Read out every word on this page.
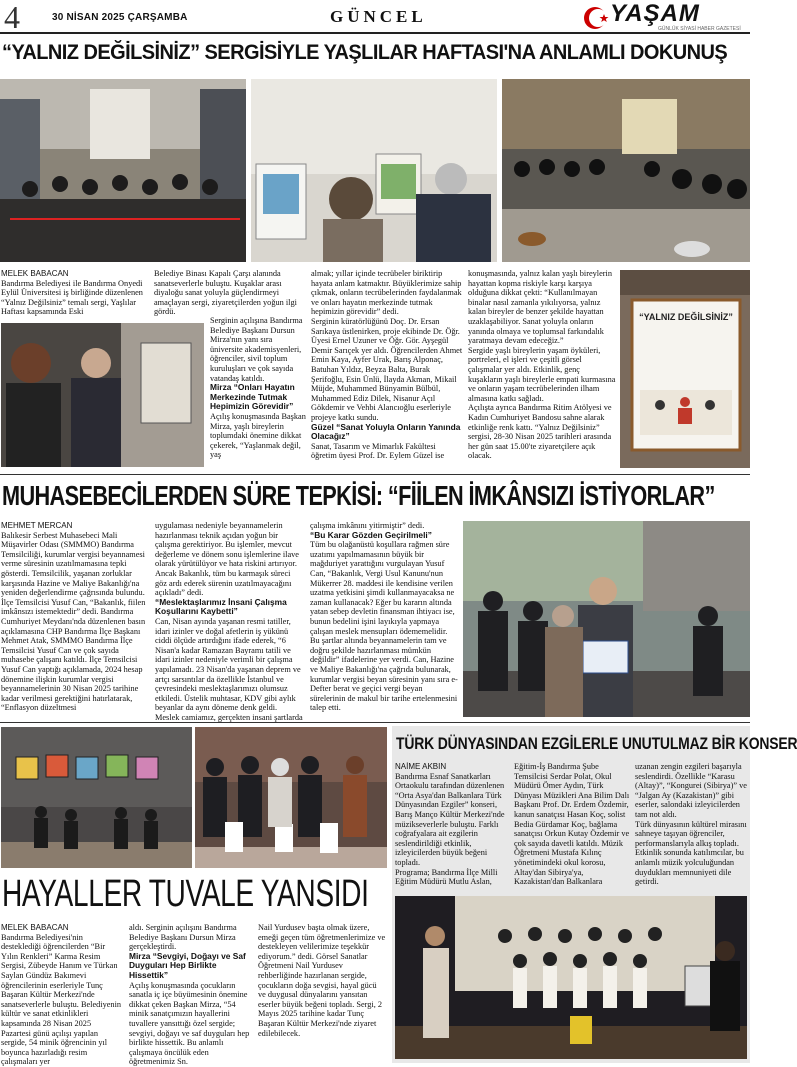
4	30 NİSAN 2025 ÇARŞAMBA	GÜNCEL	YAŞAM
GÜNLÜK SİYASİ HABER GAZETESİ
“YALNIZ DEĞİLSİNİZ” SERGİSİYLE YAŞLILAR HAFTASI'NA ANLAMLI DOKUNUŞ

MELEK BABACAN

Bandırma Belediyesi ile Bandırma Onyedi Eylül Üniversitesi iş birliğinde düzenlenen “Yalnız Değilsiniz” temalı sergi, Yaşlılar Haftası kapsamında Eski

Belediye Binası Kapalı Çarşı alanında sanatseverlerle buluştu. Kuşaklar arası diyaloğu sanat yoluyla güçlendirmeyi amaçlayan sergi, ziyaretçilerden yoğun ilgi gördü.

Serginin açılışına Bandırma Belediye Başkanı Dursun Mirza'nın yanı sıra üniversite akademisyenleri, öğrenciler, sivil toplum kuruluşları ve çok sayıda vatandaş katıldı.

Mirza “Onları Hayatın Merkezinde Tutmak Hepimizin Görevidir”

Açılış konuşmasında Başkan Mirza, yaşlı bireylerin toplumdaki önemine dikkat çekerek, “Yaşlanmak değil, yaş

almak; yıllar içinde tecrübeler biriktirip hayata anlam katmaktır. Büyüklerimize sahip çıkmak, onların tecrübelerinden faydalanmak ve onları hayatın merkezinde tutmak hepimizin görevidir” dedi.

Serginin küratörlüğünü Doç. Dr. Ersan Sarıkaya üstlenirken, proje ekibinde Dr. Öğr. Üyesi Ernel Uzuner ve Öğr. Gör. Ayşegül Demir Sarıçek yer aldı. Öğrencilerden Ahmet Emin Kaya, Ayfer Urak, Barış Alponaç, Batuhan Yıldız, Beyza Balta, Burak Şerifoğlu, Esin Ünlü, İlayda Akman, Mikail Müjde, Muhammed Bünyamin Bülbül, Muhammed Ediz Dilek, Nisanur Açıl Gökdemir ve Vehbi Alancıoğlu eserleriyle projeye katkı sundu.

Güzel “Sanat Yoluyla Onların Yanında Olacağız”

Sanat, Tasarım ve Mimarlık Fakültesi öğretim üyesi Prof. Dr. Eylem Güzel ise

konuşmasında, yalnız kalan yaşlı bireylerin hayattan kopma riskiyle karşı karşıya olduğuna dikkat çekti: “Kullanılmayan binalar nasıl zamanla yıkılıyorsa, yalnız kalan bireyler de benzer şekilde hayattan uzaklaşabiliyor. Sanat yoluyla onların yanında olmaya ve toplumsal farkındalık yaratmaya devam edeceğiz.”

Sergide yaşlı bireylerin yaşam öyküleri, portreleri, el işleri ve çeşitli görsel çalışmalar yer aldı. Etkinlik, genç kuşakların yaşlı bireylerle empati kurmasına ve onların yaşam tecrübelerinden ilham almasına katkı sağladı.

Açılışta ayrıca Bandırma Ritim Atölyesi ve Kadın Cumhuriyet Bandosu sahne alarak etkinliğe renk kattı. “Yalnız Değilsiniz” sergisi, 28-30 Nisan 2025 tarihleri arasında her gün saat 15.00'te ziyaretçilere açık olacak.

“YALNIZ DEĞİLSİNİZ”
MUHASEBECİLERDEN SÜRE TEPKİSİ: “FİİLEN İMKÂNSIZI İSTİYORLAR”

MEHMET MERCAN

Balıkesir Serbest Muhasebeci Mali Müşavirler Odası (SMMMO) Bandırma Temsilciliği, kurumlar vergisi beyannamesi verme süresinin uzatılmamasına tepki gösterdi. Temsilcilik, yaşanan zorluklar karşısında Hazine ve Maliye Bakanlığı'na yeniden değerlendirme çağrısında bulundu. İlçe Temsilcisi Yusuf Can, “Bakanlık, fiilen imkânsızı istemektedir” dedi. Bandırma Cumhuriyet Meydanı'nda düzenlenen basın açıklamasına CHP Bandırma İlçe Başkanı Mehmet Atak, SMMMO Bandırma İlçe Temsilcisi Yusuf Can ve çok sayıda muhasebe çalışanı katıldı. İlçe Temsilcisi Yusuf Can yaptığı açıklamada, 2024 hesap dönemine ilişkin kurumlar vergisi beyannamelerinin 30 Nisan 2025 tarihine kadar verilmesi gerektiğini hatırlatarak, “Enflasyon düzeltmesi

uygulaması nedeniyle beyannamelerin hazırlanması teknik açıdan yoğun bir çalışma gerektiriyor. Bu işlemler, mevcut değerleme ve dönem sonu işlemlerine ilave olarak yürütülüyor ve hata riskini artırıyor. Ancak Bakanlık, tüm bu karmaşık süreci göz ardı ederek sürenin uzatılmayacağını açıkladı” dedi.

“Meslektaşlarımız İnsani Çalışma Koşullarını Kaybetti”

Can, Nisan ayında yaşanan resmi tatiller, idari izinler ve doğal afetlerin iş yükünü ciddi ölçüde artırdığını ifade ederek, “6 Nisan'a kadar Ramazan Bayramı tatili ve idari izinler nedeniyle verimli bir çalışma yapılamadı. 23 Nisan'da yaşanan deprem ve artçı sarsıntılar da özellikle İstanbul ve çevresindeki meslektaşlarımızı olumsuz etkiledi. Üstelik muhtasar, KDV gibi aylık beyanlar da aynı döneme denk geldi. Meslek camiamız, gerçekten insani şartlarda

çalışma imkânını yitirmiştir” dedi.

“Bu Karar Gözden Geçirilmeli”

Tüm bu olağanüstü koşullara rağmen süre uzatımı yapılmamasının büyük bir mağduriyet yarattığını vurgulayan Yusuf Can, “Bakanlık, Vergi Usul Kanunu'nun Mükerrer 28. maddesi ile kendisine verilen uzatma yetkisini şimdi kullanmayacaksa ne zaman kullanacak? Eğer bu kararın altında yatan sebep devletin finansman ihtiyacı ise, bunun bedelini işini layıkıyla yapmaya çalışan meslek mensupları ödememelidir. Bu şartlar altında beyannamelerin tam ve doğru şekilde hazırlanması mümkün değildir” ifadelerine yer verdi. Can, Hazine ve Maliye Bakanlığı'na çağrıda bulunarak, kurumlar vergisi beyan süresinin yanı sıra e-Defter berat ve geçici vergi beyan sürelerinin de makul bir tarihe ertelenmesini talep etti.

HAYALLER TUVALE YANSIDI

MELEK BABACAN

Bandırma Belediyesi'nin desteklediği öğrencilerden “Bir Yılın Renkleri” Karma Resim Sergisi, Zübeyde Hanım ve Türkan Saylan Gündüz Bakımevi öğrencilerinin eserleriyle Tunç Başaran Kültür Merkezi'nde sanatseverlerle buluştu. Belediyenin kültür ve sanat etkinlikleri kapsamında 28 Nisan 2025 Pazartesi günü açılışı yapılan sergide, 54 minik öğrencinin yıl boyunca hazırladığı resim çalışmaları yer

aldı. Serginin açılışını Bandırma Belediye Başkanı Dursun Mirza gerçekleştirdi.

Mirza “Sevgiyi, Doğayı ve Saf Duyguları Hep Birlikte Hissettik”

Açılış konuşmasında çocukların sanatla iç içe büyümesinin önemine dikkat çeken Başkan Mirza, “54 minik sanatçımızın hayallerini tuvallere yansıttığı özel sergide; sevgiyi, doğayı ve saf duyguları hep birlikte hissettik. Bu anlamlı çalışmaya öncülük eden öğretmenimiz Sn.

Nail Yurdusev başta olmak üzere, emeği geçen tüm öğretmenlerimize ve destekleyen velilerimize teşekkür ediyorum.” dedi. Görsel Sanatlar Öğretmeni Nail Yurdusev rehberliğinde hazırlanan sergide, çocukların doğa sevgisi, hayal gücü ve duygusal dünyalarını yansıtan eserler büyük beğeni topladı. Sergi, 2 Mayıs 2025 tarihine kadar Tunç Başaran Kültür Merkezi'nde ziyaret edilebilecek.

TÜRK DÜNYASINDAN EZGİLERLE UNUTULMAZ BİR KONSER

NAİME AKBIN

Bandırma Esnaf Sanatkarları Ortaokulu tarafından düzenlenen “Orta Asya'dan Balkanlara Türk Dünyasından Ezgiler” konseri, Barış Manço Kültür Merkezi'nde müzikseverlerle buluştu. Farklı coğrafyalara ait ezgilerin seslendirildiği etkinlik, izleyicilerden büyük beğeni topladı.

Programa; Bandırma İlçe Milli Eğitim Müdürü Mutlu Aslan,

Eğitim-İş Bandırma Şube Temsilcisi Serdar Polat, Okul Müdürü Ömer Aydın, Türk Dünyası Müzikleri Ana Bilim Dalı Başkanı Prof. Dr. Erdem Özdemir, kanun sanatçısı Hasan Koç, solist Bedia Gürdamar Koç, bağlama sanatçısı Orkun Kutay Özdemir ve çok sayıda davetli katıldı. Müzik Öğretmeni Mustafa Kılınç yönetimindeki okul korosu, Altay'dan Sibirya'ya, Kazakistan'dan Balkanlara

uzanan zengin ezgileri başarıyla seslendirdi. Özellikle “Karasu (Altay)”, “Kongurei (Sibirya)” ve “Jalgan Ay (Kazakistan)” gibi eserler, salondaki izleyicilerden tam not aldı.

Türk dünyasının kültürel mirasını sahneye taşıyan öğrenciler, performanslarıyla alkış topladı. Etkinlik sonunda katılımcılar, bu anlamlı müzik yolculuğundan duydukları memnuniyeti dile getirdi.
